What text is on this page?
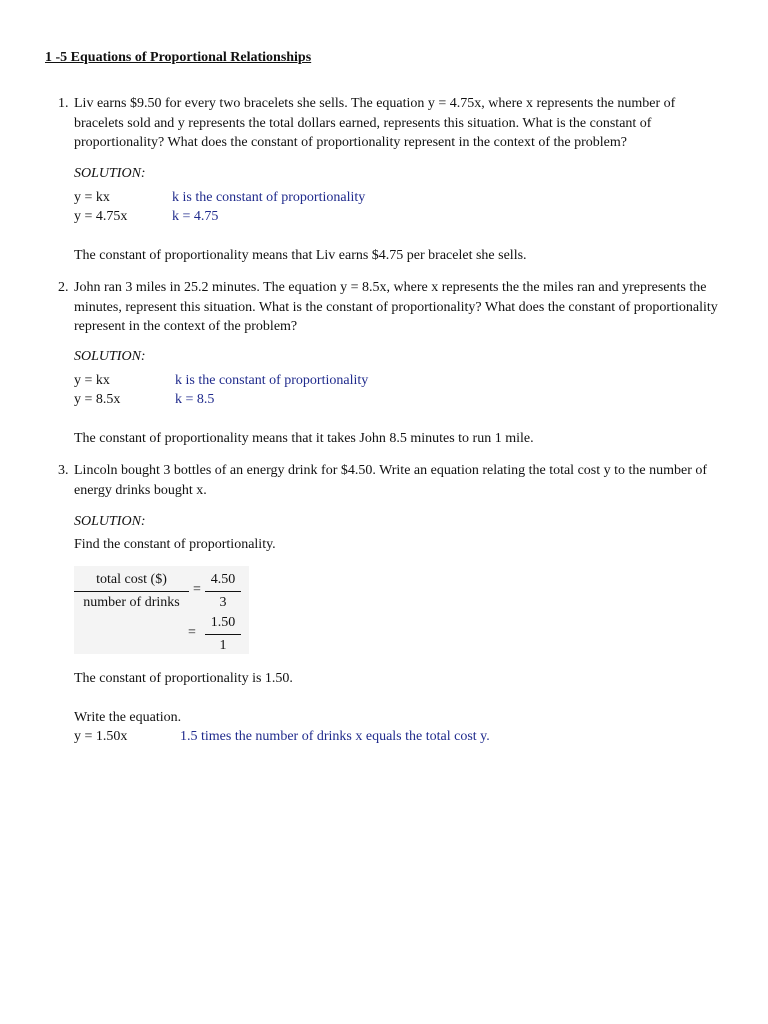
1 -5 Equations of Proportional Relationships
1. Liv earns $9.50 for every two bracelets she sells. The equation y = 4.75x, where x represents the number of bracelets sold and y represents the total dollars earned, represents this situation. What is the constant of proportionality? What does the constant of proportionality represent in the context of the problem?

SOLUTION:
y = kx	k is the constant of proportionality
y = 4.75x	k = 4.75
The constant of proportionality means that Liv earns $4.75 per bracelet she sells.
2. John ran 3 miles in 25.2 minutes. The equation y = 8.5x, where x represents the the miles ran and yrepresents the minutes, represent this situation. What is the constant of proportionality? What does the constant of proportionality represent in the context of the problem?

SOLUTION:
y = kx	k is the constant of proportionality
y = 8.5x	k = 8.5
The constant of proportionality means that it takes John 8.5 minutes to run 1 mile.
3. Lincoln bought 3 bottles of an energy drink for $4.50. Write an equation relating the total cost y to the number of energy drinks bought x.

SOLUTION:
Find the constant of proportionality.
total cost ($)
number of drinks
=
4.50
3
=
1.50
1
The constant of proportionality is 1.50.
Write the equation.
y = 1.50x	1.5 times the number of drinks x equals the total cost y.
